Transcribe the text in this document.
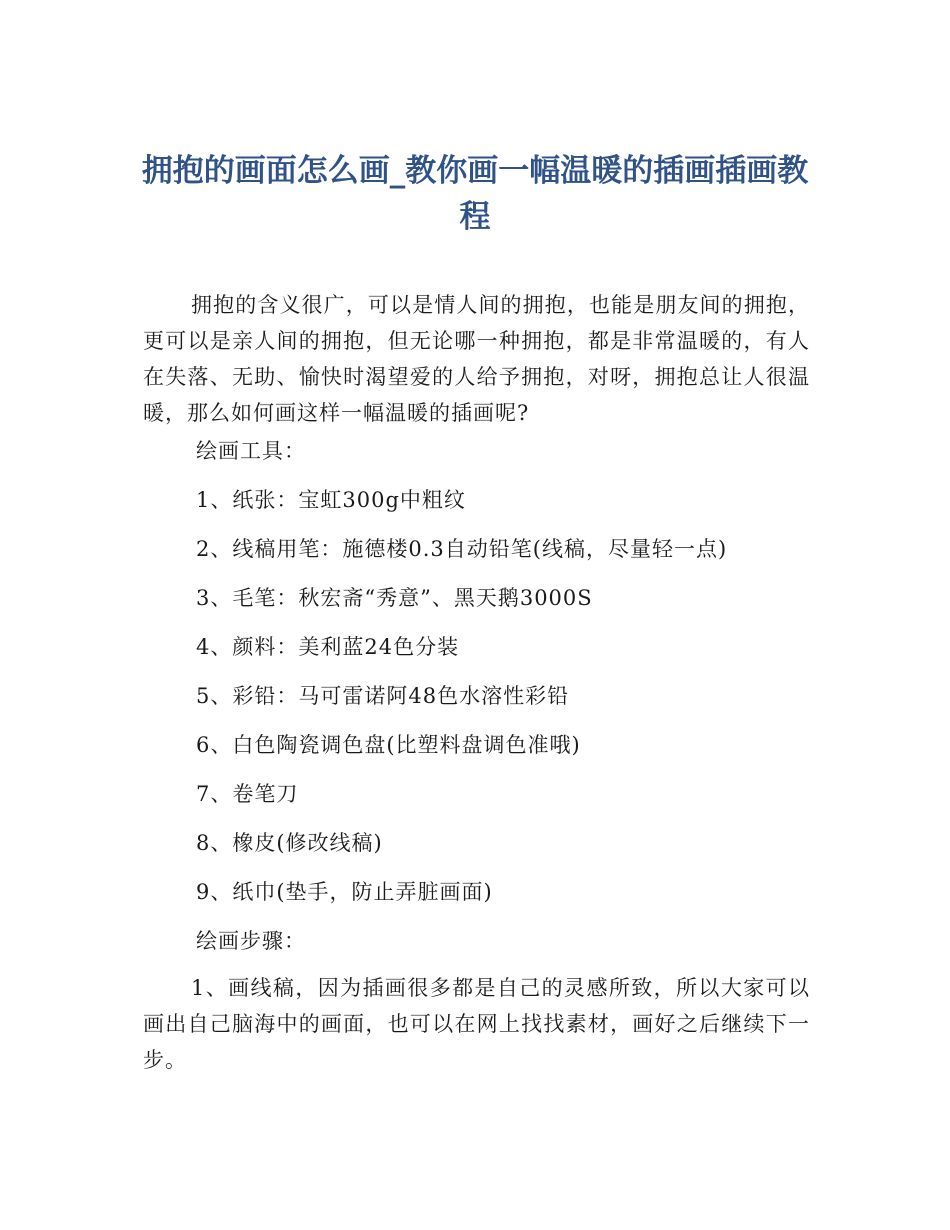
拥抱的画面怎么画_教你画一幅温暖的插画插画教程

拥抱的含义很广，可以是情人间的拥抱，也能是朋友间的拥抱，更可以是亲人间的拥抱，但无论哪一种拥抱，都是非常温暖的，有人在失落、无助、愉快时渴望爱的人给予拥抱，对呀，拥抱总让人很温暖，那么如何画这样一幅温暖的插画呢?

绘画工具：

1、纸张：宝虹300g中粗纹

2、线稿用笔：施德楼0.3自动铅笔(线稿，尽量轻一点)

3、毛笔：秋宏斋“秀意”、黑天鹅3000S

4、颜料：美利蓝24色分装

5、彩铅：马可雷诺阿48色水溶性彩铅

6、白色陶瓷调色盘(比塑料盘调色准哦)

7、卷笔刀

8、橡皮(修改线稿)

9、纸巾(垫手，防止弄脏画面)

绘画步骤：

1、画线稿，因为插画很多都是自己的灵感所致，所以大家可以画出自己脑海中的画面，也可以在网上找找素材，画好之后继续下一步。
